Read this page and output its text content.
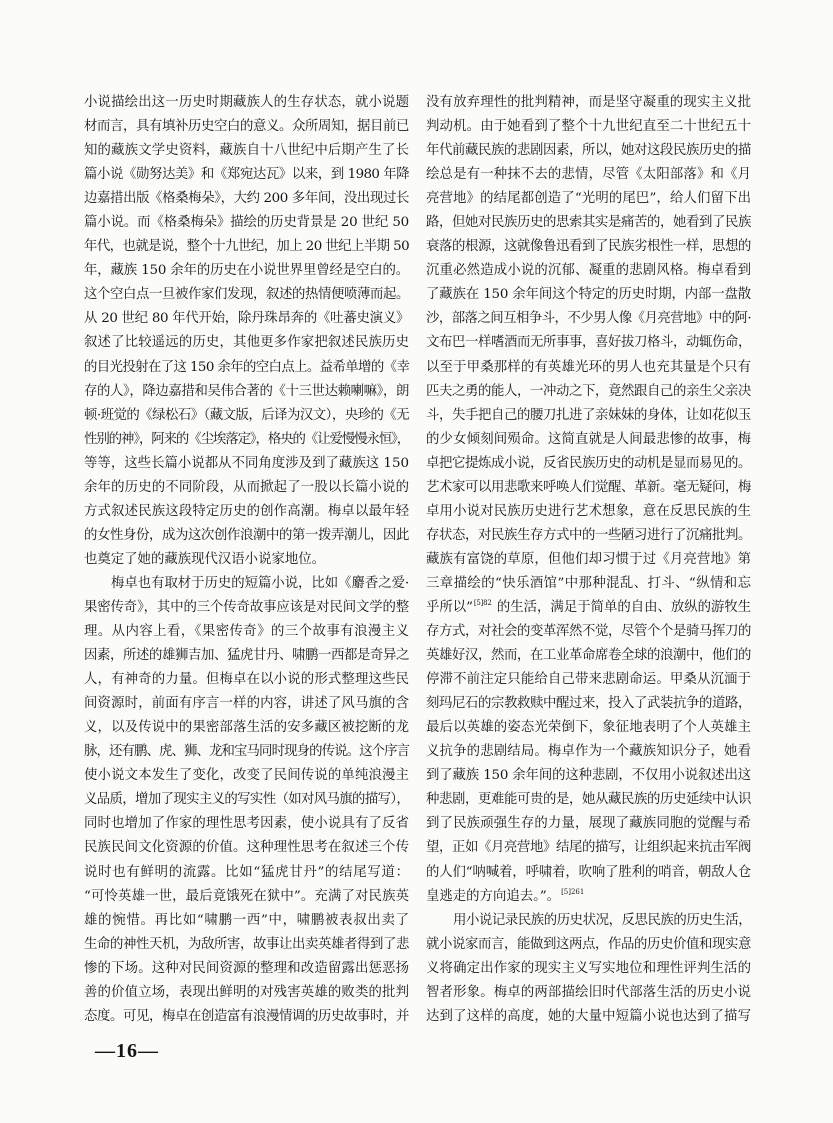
小说描绘出这一历史时期藏族人的生存状态，就小说题
材而言，具有填补历史空白的意义。众所周知，据目前已
知的藏族文学史资料，藏族自十八世纪中后期产生了长
篇小说《勋努达美》和《郑宛达瓦》以来，到 1980 年降
边嘉措出版《格桑梅朵》，大约 200 多年间，没出现过长
篇小说。而《格桑梅朵》描绘的历史背景是 20 世纪 50
年代，也就是说，整个十九世纪，加上 20 世纪上半期 50
年，藏族 150 余年的历史在小说世界里曾经是空白的。
这个空白点一旦被作家们发现，叙述的热情便喷薄而起。
从 20 世纪 80 年代开始，除丹珠昂奔的《吐蕃史演义》
叙述了比较遥远的历史，其他更多作家把叙述民族历史
的目光投射在了这 150 余年的空白点上。益希单增的《幸
存的人》，降边嘉措和吴伟合著的《十三世达赖喇嘛》，朗
顿·班觉的《绿松石》（藏文版，后译为汉文），央珍的《无
性别的神》，阿来的《尘埃落定》，格央的《让爱慢慢永恒》，
等等，这些长篇小说都从不同角度涉及到了藏族这 150
余年的历史的不同阶段，从而掀起了一股以长篇小说的
方式叙述民族这段特定历史的创作高潮。梅卓以最年轻
的女性身份，成为这次创作浪潮中的第一拨弄潮儿，因此
也奠定了她的藏族现代汉语小说家地位。
梅卓也有取材于历史的短篇小说，比如《麝香之爱·
果密传奇》，其中的三个传奇故事应该是对民间文学的整
理。从内容上看，《果密传奇》的三个故事有浪漫主义
因素，所述的雄狮吉加、猛虎甘丹、啸鹏一西都是奇异之
人，有神奇的力量。但梅卓在以小说的形式整理这些民
间资源时，前面有序言一样的内容，讲述了风马旗的含
义，以及传说中的果密部落生活的安多藏区被挖断的龙
脉，还有鹏、虎、狮、龙和宝马同时现身的传说。这个序言
使小说文本发生了变化，改变了民间传说的单纯浪漫主
义品质，增加了现实主义的写实性（如对风马旗的描写），
同时也增加了作家的理性思考因素，使小说具有了反省
民族民间文化资源的价值。这种理性思考在叙述三个传
说时也有鲜明的流露。比如“猛虎甘丹”的结尾写道：
“可怜英雄一世，最后竟饿死在狱中”。充满了对民族英
雄的惋惜。再比如“啸鹏一西”中，啸鹏被表叔出卖了
生命的神性天机，为敌所害，故事让出卖英雄者得到了悲
惨的下场。这种对民间资源的整理和改造留露出惩恶扬
善的价值立场，表现出鲜明的对残害英雄的败类的批判
态度。可见，梅卓在创造富有浪漫情调的历史故事时，并
没有放弃理性的批判精神，而是坚守凝重的现实主义批
判动机。由于她看到了整个十九世纪直至二十世纪五十
年代前藏民族的悲剧因素，所以，她对这段民族历史的描
绘总是有一种抹不去的悲情，尽管《太阳部落》和《月
亮营地》的结尾都创造了“光明的尾巴”，给人们留下出
路，但她对民族历史的思索其实是痛苦的，她看到了民族
衰落的根源，这就像鲁迅看到了民族劣根性一样，思想的
沉重必然造成小说的沉郁、凝重的悲剧风格。梅卓看到
了藏族在 150 余年间这个特定的历史时期，内部一盘散
沙，部落之间互相争斗，不少男人像《月亮营地》中的阿·
文布巴一样嗜酒而无所事事，喜好拔刀格斗，动辄伤命，
以至于甲桑那样的有英雄光环的男人也充其量是个只有
匹夫之勇的能人，一冲动之下，竟然跟自己的亲生父亲决
斗，失手把自己的腰刀扎进了亲妹妹的身体，让如花似玉
的少女倾刻间殒命。这简直就是人间最悲惨的故事，梅
卓把它提炼成小说，反省民族历史的动机是显而易见的。
艺术家可以用悲歌来呼唤人们觉醒、革新。毫无疑问，梅
卓用小说对民族历史进行艺术想象，意在反思民族的生
存状态，对民族生存方式中的一些陋习进行了沉痛批判。
藏族有富饶的草原，但他们却习惯于过《月亮营地》第
三章描绘的“快乐酒馆”中那种混乱、打斗、“纵情和忘
乎所以”$^{[5]82}$ 的生活，满足于简单的自由、放纵的游牧生
存方式，对社会的变革浑然不觉，尽管个个是骑马挥刀的
英雄好汉，然而，在工业革命席卷全球的浪潮中，他们的
停滞不前注定只能给自己带来悲剧命运。甲桑从沉湎于
刻玛尼石的宗教救赎中醒过来，投入了武装抗争的道路，
最后以英雄的姿态光荣倒下，象征地表明了个人英雄主
义抗争的悲剧结局。梅卓作为一个藏族知识分子，她看
到了藏族 150 余年间的这种悲剧，不仅用小说叙述出这
种悲剧，更难能可贵的是，她从藏民族的历史延续中认识
到了民族顽强生存的力量，展现了藏族同胞的觉醒与希
望，正如《月亮营地》结尾的描写，让组织起来抗击军阀
的人们“呐喊着，呼啸着，吹响了胜利的哨音，朝敌人仓
皇逃走的方向追去。”。$^{[5]261}$
用小说记录民族的历史状况，反思民族的历史生活，
就小说家而言，能做到这两点，作品的历史价值和现实意
义将确定出作家的现实主义写实地位和理性评判生活的
智者形象。梅卓的两部描绘旧时代部落生活的历史小说
达到了这样的高度，她的大量中短篇小说也达到了描写
—16—
